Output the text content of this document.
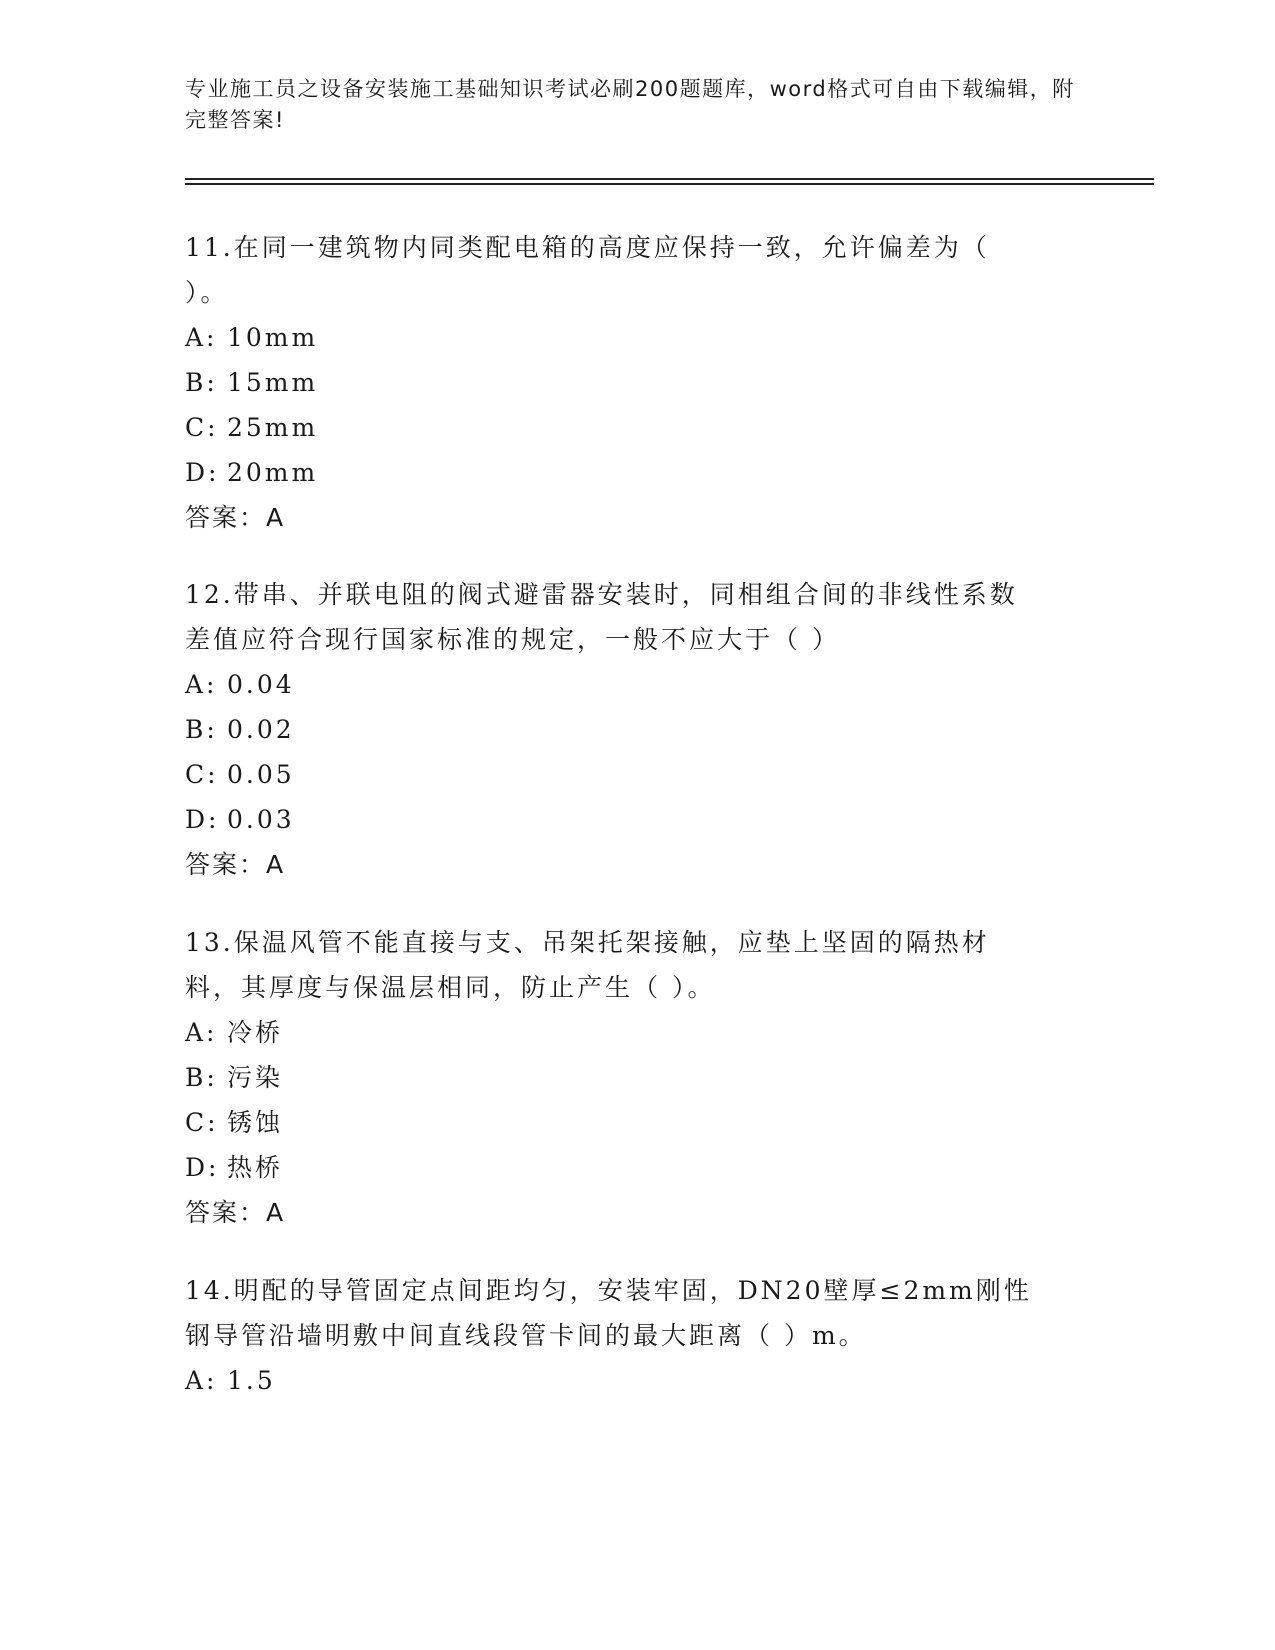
专业施工员之设备安装施工基础知识考试必刷200题题库，word格式可自由下载编辑，附完整答案!

11.在同一建筑物内同类配电箱的高度应保持一致，允许偏差为（ ）。

A: 10mm

B: 15mm

C: 25mm

D: 20mm

答案：A

12.带串、并联电阻的阀式避雷器安装时，同相组合间的非线性系数差值应符合现行国家标准的规定，一般不应大于（ ）

A: 0.04

B: 0.02

C: 0.05

D: 0.03

答案：A

13.保温风管不能直接与支、吊架托架接触，应垫上坚固的隔热材料，其厚度与保温层相同，防止产生（ ）。

A: 冷桥

B: 污染

C: 锈蚀

D: 热桥

答案：A

14.明配的导管固定点间距均匀，安装牢固，DN20壁厚≤2mm刚性钢导管沿墙明敷中间直线段管卡间的最大距离（ ）m。

A: 1.5
